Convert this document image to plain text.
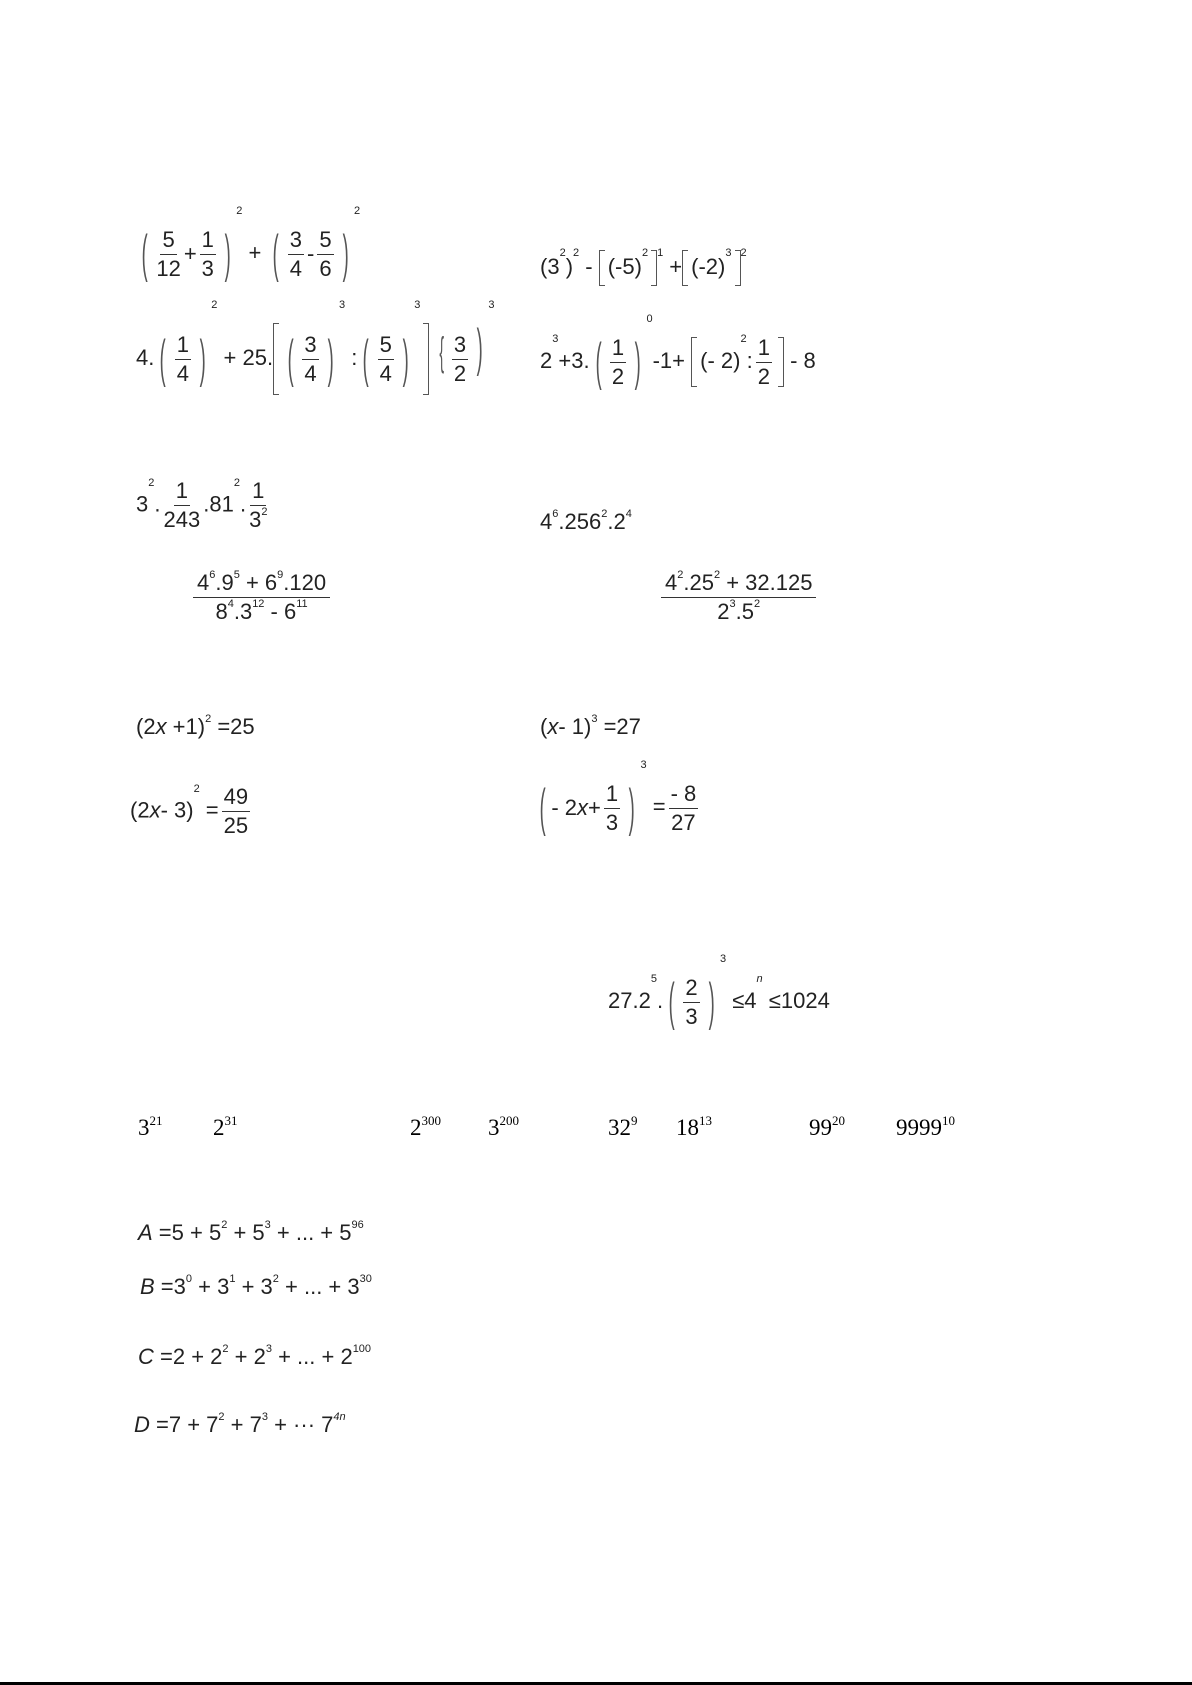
( 5
12
+
1
3 )
$^2$ + ( 3
4
-
5
6 )
$^2$
$(3^2)^2 - (-5)^2$ $^1 + (-2)^3$ $^2$
4. ( 1
4 )
$^2$ + 25. ( 3
4 )
$^3$ : ( 5
4 )
$^3$ { $\frac{3}{2} )^3$
$2^3+3$. ( 1
2 )
$^0$-1+ (- 2)$^2$: $\frac{1}{2} - 8$
$3^2$. $\frac{1}{243} .81^2$. $\frac{1}{3^2}$	$4^6.256^2.2^4$
$\frac{4^6.9^5 + 6^9.120}{8^4.3^{12} - 6^{11}}$	$\frac{4^2.25^2 + 32.125}{2^3.5^2}$
$(2x +1)^2 =25$	(x- 1)$^3$ =27
(2x- $3)^2 = \frac{49}{25}$	( - 2 $x + \frac{1}{3}$ )
$^3 = \frac{- 8}{27}$
27.2$^5$. ( 2
3 )
$^3 \le 4^n \le 1024$
$3^{21}$ $2^{31}$	$2^{300}$ $3^{200}$	$32^9$ $18^{13}$	$99^{20}$ 9999$^{10}$
$A =5 + 5^2 + 5^3$ + ... + $5^{96}$
$B =3^0 + 3^1 + 3^2$ + ... + $3^{30}$
$C =2 + 2^2 + 2^3$ + ... + $2^{100}$
$D =7 + 7^2 + 7^3$ + ··· $7^{4n}$
